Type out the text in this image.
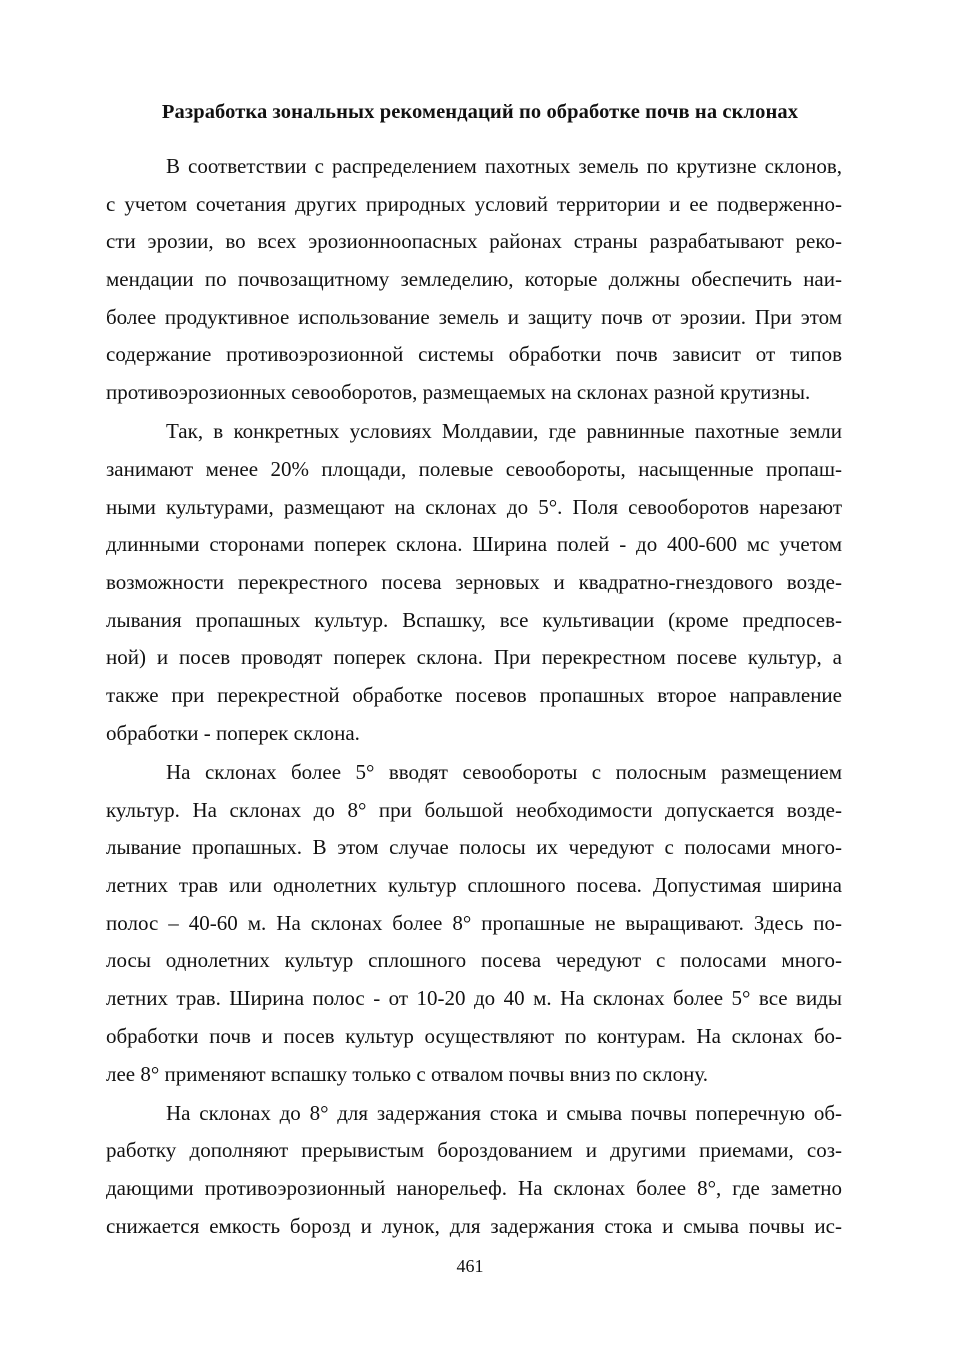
Разработка зональных рекомендаций по обработке почв на склонах
В соответствии с распределением пахотных земель по крутизне склонов,
с учетом сочетания других природных условий территории и ее подверженно-
сти эрозии, во всех эрозионноопасных районах страны разрабатывают реко-
мендации по почвозащитному земледелию, которые должны обеспечить наи-
более продуктивное использование земель и защиту почв от эрозии. При этом
содержание противоэрозионной системы обработки почв зависит от типов
противоэрозионных севооборотов, размещаемых на склонах разной крутизны.
Так, в конкретных условиях Молдавии, где равнинные пахотные земли
занимают менее 20% площади, полевые севообороты, насыщенные пропаш-
ными культурами, размещают на склонах до 5°. Поля севооборотов нарезают
длинными сторонами поперек склона. Ширина полей - до 400-600 мс учетом
возможности перекрестного посева зерновых и квадратно-гнездового возде-
лывания пропашных культур. Вспашку, все культивации (кроме предпосев-
ной) и посев проводят поперек склона. При перекрестном посеве культур, а
также при перекрестной обработке посевов пропашных второе направление
обработки - поперек склона.
На склонах более 5° вводят севообороты с полосным размещением
культур. На склонах до 8° при большой необходимости допускается возде-
лывание пропашных. В этом случае полосы их чередуют с полосами много-
летних трав или однолетних культур сплошного посева. Допустимая ширина
полос – 40-60 м. На склонах более 8° пропашные не выращивают. Здесь по-
лосы однолетних культур сплошного посева чередуют с полосами много-
летних трав. Ширина полос - от 10-20 до 40 м. На склонах более 5° все виды
обработки почв и посев культур осуществляют по контурам. На склонах бо-
лее 8° применяют вспашку только с отвалом почвы вниз по склону.
На склонах до 8° для задержания стока и смыва почвы поперечную об-
работку дополняют прерывистым бороздованием и другими приемами, соз-
дающими противоэрозионный нанорельеф. На склонах более 8°, где заметно
снижается емкость борозд и лунок, для задержания стока и смыва почвы ис-
461
